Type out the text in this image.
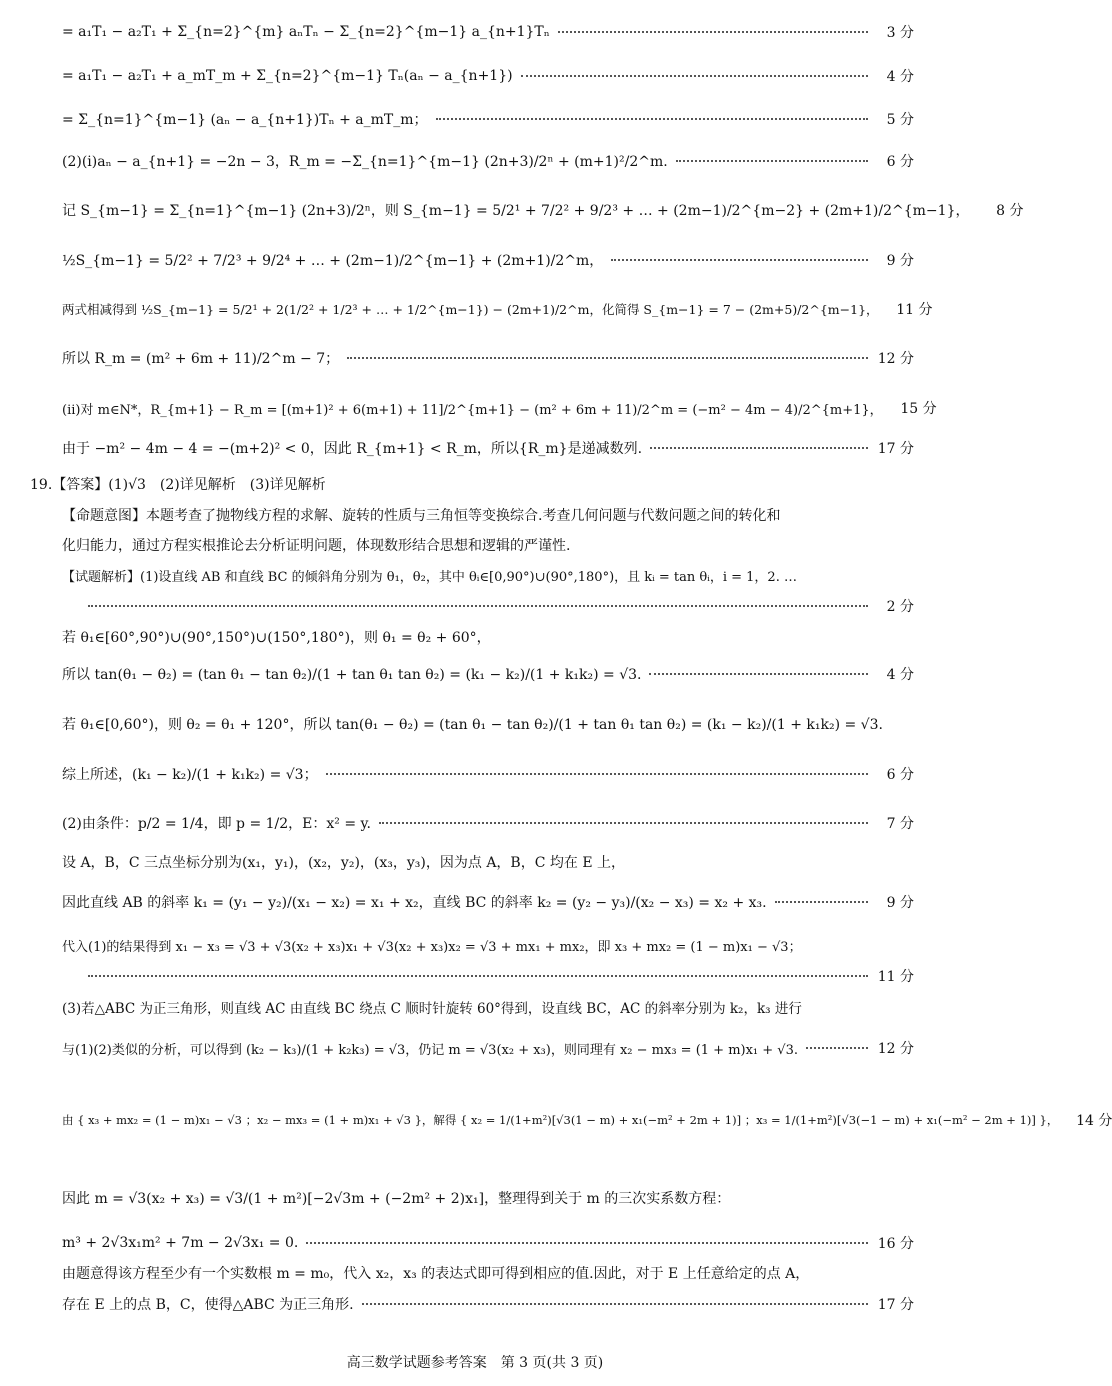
= a₁T₁ − a₂T₁ + Σ_{n=2}^{m} aₙTₙ − Σ_{n=2}^{m−1} a_{n+1}Tₙ	3 分
= a₁T₁ − a₂T₁ + a_mT_m + Σ_{n=2}^{m−1} Tₙ(aₙ − a_{n+1})	4 分
= Σ_{n=1}^{m−1} (aₙ − a_{n+1})Tₙ + a_mT_m；	5 分
(2)(i)aₙ − a_{n+1} = −2n − 3，R_m = −Σ_{n=1}^{m−1} (2n+3)/2ⁿ + (m+1)²/2^m.	6 分
记 S_{m−1} = Σ_{n=1}^{m−1} (2n+3)/2ⁿ，则 S_{m−1} = 5/2¹ + 7/2² + 9/2³ + … + (2m−1)/2^{m−2} + (2m+1)/2^{m−1}，	8 分
½S_{m−1} = 5/2² + 7/2³ + 9/2⁴ + … + (2m−1)/2^{m−1} + (2m+1)/2^m，	9 分
两式相减得到 ½S_{m−1} = 5/2¹ + 2(1/2² + 1/2³ + … + 1/2^{m−1}) − (2m+1)/2^m，化简得 S_{m−1} = 7 − (2m+5)/2^{m−1}， 11 分
所以 R_m = (m² + 6m + 11)/2^m − 7；	12 分
(ii)对 m∈N*，R_{m+1} − R_m = [(m+1)² + 6(m+1) + 11]/2^{m+1} − (m² + 6m + 11)/2^m = (−m² − 4m − 4)/2^{m+1}， 15 分
由于 −m² − 4m − 4 = −(m+2)² < 0，因此 R_{m+1} < R_m，所以{R_m}是递减数列.	17 分
19.【答案】(1)√3　(2)详见解析　(3)详见解析
【命题意图】本题考查了抛物线方程的求解、旋转的性质与三角恒等变换综合.考查几何问题与代数问题之间的转化和
化归能力，通过方程实根推论去分析证明问题，体现数形结合思想和逻辑的严谨性.
【试题解析】(1)设直线 AB 和直线 BC 的倾斜角分别为 θ₁，θ₂，其中 θᵢ∈[0,90°)∪(90°,180°)，且 kᵢ = tan θᵢ，i = 1，2. …
2 分
若 θ₁∈[60°,90°)∪(90°,150°)∪(150°,180°)，则 θ₁ = θ₂ + 60°，
所以 tan(θ₁ − θ₂) = (tan θ₁ − tan θ₂)/(1 + tan θ₁ tan θ₂) = (k₁ − k₂)/(1 + k₁k₂) = √3.	4 分
若 θ₁∈[0,60°)，则 θ₂ = θ₁ + 120°，所以 tan(θ₁ − θ₂) = (tan θ₁ − tan θ₂)/(1 + tan θ₁ tan θ₂) = (k₁ − k₂)/(1 + k₁k₂) = √3.
综上所述，(k₁ − k₂)/(1 + k₁k₂) = √3；	6 分
(2)由条件：p/2 = 1/4，即 p = 1/2，E：x² = y.	7 分
设 A，B，C 三点坐标分别为(x₁，y₁)，(x₂，y₂)，(x₃，y₃)，因为点 A，B，C 均在 E 上，
因此直线 AB 的斜率 k₁ = (y₁ − y₂)/(x₁ − x₂) = x₁ + x₂，直线 BC 的斜率 k₂ = (y₂ − y₃)/(x₂ − x₃) = x₂ + x₃.	9 分
代入(1)的结果得到 x₁ − x₃ = √3 + √3(x₂ + x₃)x₁ + √3(x₂ + x₃)x₂ = √3 + mx₁ + mx₂，即 x₃ + mx₂ = (1 − m)x₁ − √3；
11 分
(3)若△ABC 为正三角形，则直线 AC 由直线 BC 绕点 C 顺时针旋转 60°得到，设直线 BC，AC 的斜率分别为 k₂，k₃ 进行
与(1)(2)类似的分析，可以得到 (k₂ − k₃)/(1 + k₂k₃) = √3，仍记 m = √3(x₂ + x₃)，则同理有 x₂ − mx₃ = (1 + m)x₁ + √3.	12 分
由 { x₃ + mx₂ = (1 − m)x₁ − √3 ；x₂ − mx₃ = (1 + m)x₁ + √3 }，解得 { x₂ = 1/(1+m²)[√3(1 − m) + x₁(−m² + 2m + 1)] ；x₃ = 1/(1+m²)[√3(−1 − m) + x₁(−m² − 2m + 1)] }， 14 分
因此 m = √3(x₂ + x₃) = √3/(1 + m²)[−2√3m + (−2m² + 2)x₁]，整理得到关于 m 的三次实系数方程：
m³ + 2√3x₁m² + 7m − 2√3x₁ = 0.	16 分
由题意得该方程至少有一个实数根 m = m₀，代入 x₂，x₃ 的表达式即可得到相应的值.因此，对于 E 上任意给定的点 A，
存在 E 上的点 B，C，使得△ABC 为正三角形.	17 分
高三数学试题参考答案　第 3 页(共 3 页)
